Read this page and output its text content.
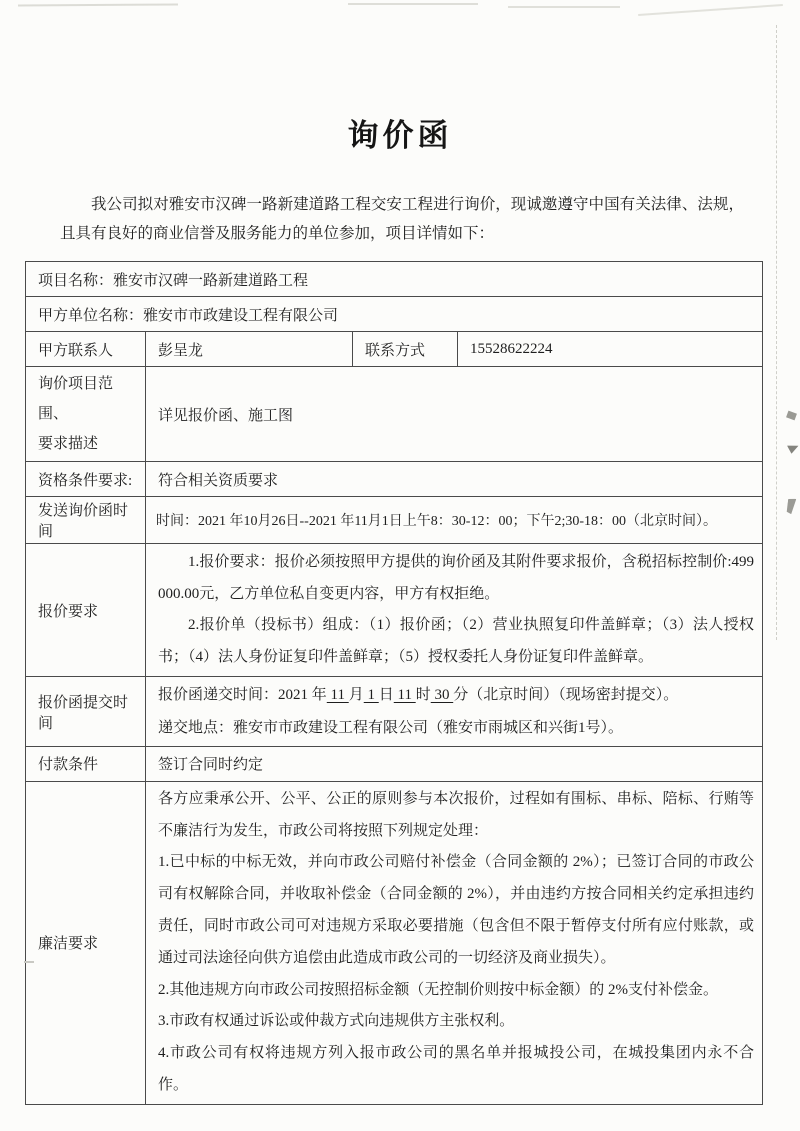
询价函

我公司拟对雅安市汉碑一路新建道路工程交安工程进行询价，现诚邀遵守中国有关法律、法规，且具有良好的商业信誉及服务能力的单位参加，项目详情如下：

项目名称：雅安市汉碑一路新建道路工程			
甲方单位名称：雅安市市政建设工程有限公司			
甲方联系人	彭呈龙	联系方式	15528622224

询价项目范围、
要求描述	详见报价函、施工图		
资格条件要求:	符合相关资质要求		
发送询价函时间	时间：2021 年10月26日--2021 年11月1日上午8：30-12：00；下午2;30-18：00（北京时间）。		
报价要求	1.报价要求：报价必须按照甲方提供的询价函及其附件要求报价，含税招标控制价:499000.00元，乙方单位私自变更内容，甲方有权拒绝。

2.报价单（投标书）组成：（1）报价函；（2）营业执照复印件盖鲜章；（3）法人授权书；（4）法人身份证复印件盖鲜章；（5）授权委托人身份证复印件盖鲜章。		

报价函提交时间	报价函递交时间：2021 年 11 月 1 日 11 时 30 分（北京时间）（现场密封提交）。
递交地点：雅安市市政建设工程有限公司（雅安市雨城区和兴街1号）。		

付款条件	签订合同时约定		
廉洁要求	各方应秉承公开、公平、公正的原则参与本次报价，过程如有围标、串标、陪标、行贿等不廉洁行为发生，市政公司将按照下列规定处理：

1.已中标的中标无效，并向市政公司赔付补偿金（合同金额的 2%）；已签订合同的市政公司有权解除合同，并收取补偿金（合同金额的 2%），并由违约方按合同相关约定承担违约责任，同时市政公司可对违规方采取必要措施（包含但不限于暂停支付所有应付账款，或通过司法途径向供方追偿由此造成市政公司的一切经济及商业损失）。

2.其他违规方向市政公司按照招标金额（无控制价则按中标金额）的 2%支付补偿金。

3.市政有权通过诉讼或仲裁方式向违规供方主张权利。

4.市政公司有权将违规方列入报市政公司的黑名单并报城投公司，在城投集团内永不合作。		
